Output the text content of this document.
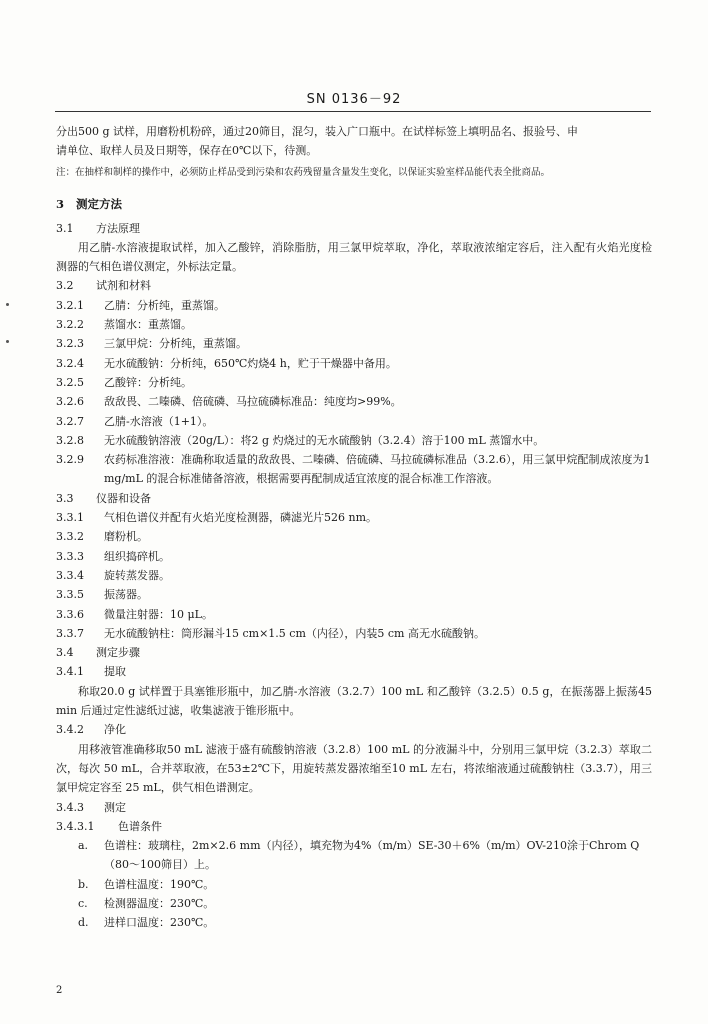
SN 0136－92

分出500 g 试样，用磨粉机粉碎，通过20筛目，混匀，装入广口瓶中。在试样标签上填明品名、报验号、申

请单位、取样人员及日期等，保存在0℃以下，待测。

注：在抽样和制样的操作中，必须防止样品受到污染和农药残留量含量发生变化，以保证实验室样品能代表全批商品。

3 测定方法
3.1	方法原理

用乙腈-水溶液提取试样，加入乙酸锌，消除脂肪，用三氯甲烷萃取，净化，萃取液浓缩定容后，注入配有火焰光度检测器的气相色谱仪测定，外标法定量。

3.2	试剂和材料
3.2.1	乙腈：分析纯，重蒸馏。
3.2.2	蒸馏水：重蒸馏。
3.2.3	三氯甲烷：分析纯，重蒸馏。
3.2.4	无水硫酸钠：分析纯，650℃灼烧4 h，贮于干燥器中备用。
3.2.5	乙酸锌：分析纯。
3.2.6	敌敌畏、二嗪磷、倍硫磷、马拉硫磷标准品：纯度均>99%。
3.2.7	乙腈-水溶液（1+1）。
3.2.8	无水硫酸钠溶液（20g/L）：将2 g 灼烧过的无水硫酸钠（3.2.4）溶于100 mL 蒸馏水中。
3.2.9	农药标准溶液：准确称取适量的敌敌畏、二嗪磷、倍硫磷、马拉硫磷标准品（3.2.6），用三氯甲烷配制成浓度为1 mg/mL 的混合标准储备溶液，根据需要再配制成适宜浓度的混合标准工作溶液。
3.3	仪器和设备
3.3.1	气相色谱仪并配有火焰光度检测器，磷滤光片526 nm。
3.3.2	磨粉机。
3.3.3	组织捣碎机。
3.3.4	旋转蒸发器。
3.3.5	振荡器。
3.3.6	微量注射器：10 μL。
3.3.7	无水硫酸钠柱：筒形漏斗15 cm×1.5 cm（内径），内装5 cm 高无水硫酸钠。
3.4	测定步骤
3.4.1	提取

称取20.0 g 试样置于具塞锥形瓶中，加乙腈-水溶液（3.2.7）100 mL 和乙酸锌（3.2.5）0.5 g，在振荡器上振荡45 min 后通过定性滤纸过滤，收集滤液于锥形瓶中。

3.4.2	净化

用移液管准确移取50 mL 滤液于盛有硫酸钠溶液（3.2.8）100 mL 的分液漏斗中，分别用三氯甲烷（3.2.3）萃取二次，每次 50 mL，合并萃取液，在53±2℃下，用旋转蒸发器浓缩至10 mL 左右，将浓缩液通过硫酸钠柱（3.3.7），用三氯甲烷定容至 25 mL，供气相色谱测定。

3.4.3	测定
3.4.3.1	色谱条件
a.	色谱柱：玻璃柱，2m×2.6 mm（内径），填充物为4%（m/m）SE-30＋6%（m/m）OV-210涂于Chrom Q（80～100筛目）上。
b.	色谱柱温度：190℃。
c.	检测器温度：230℃。
d.	进样口温度：230℃。
2
